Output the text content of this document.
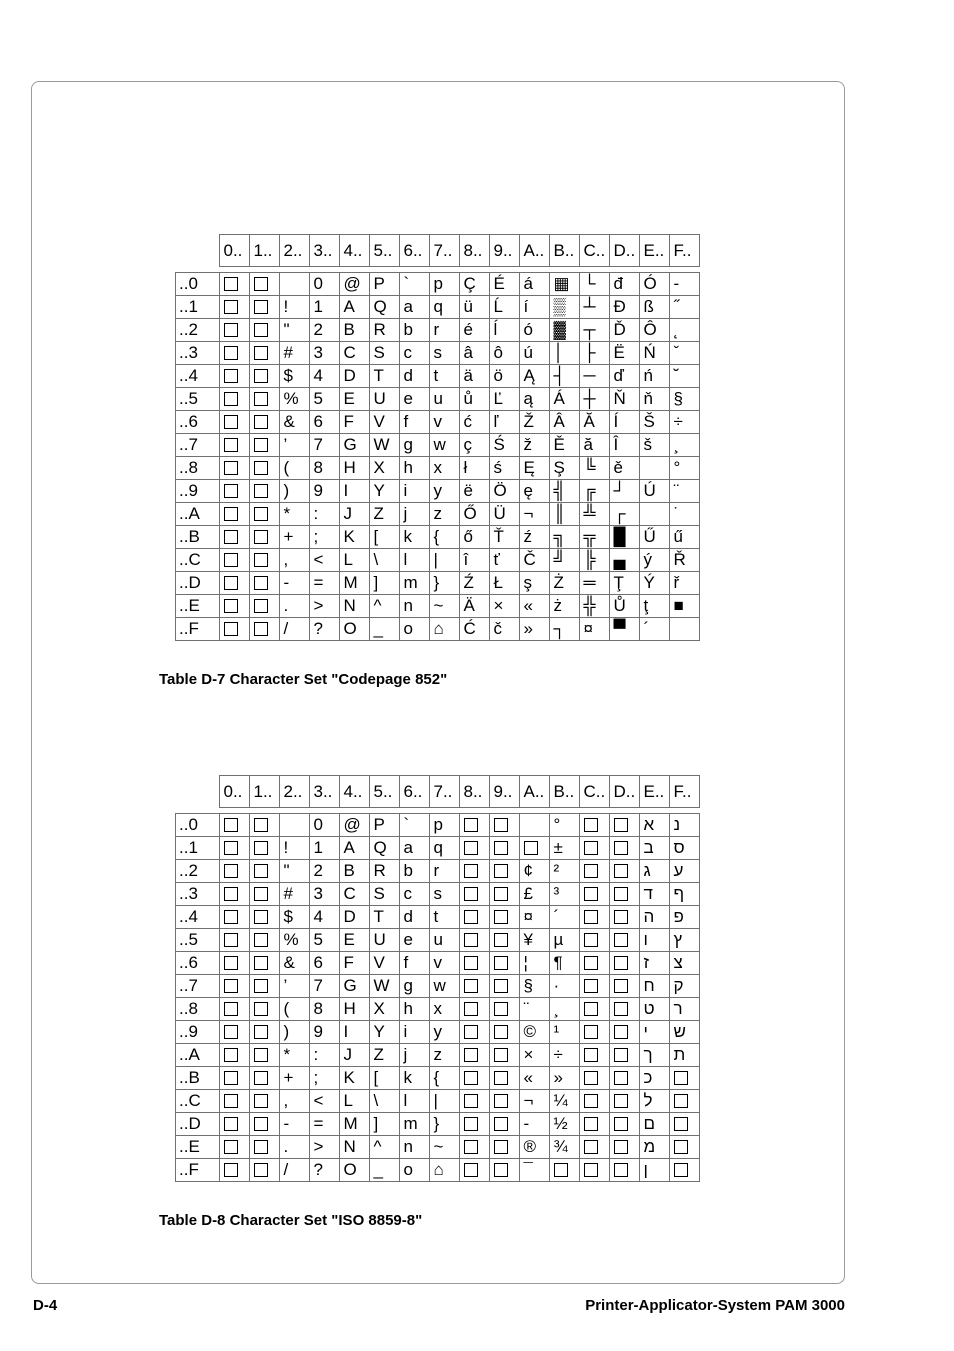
	0..	1..	2..	3..	4..	5..	6..	7..	8..	9..	A..	B..	C..	D..	E..	F..

..0				0	@	P	`	p	Ç	É	á	▦	└	đ	Ó	-
..1			!	1	A	Q	a	q	ü	Ĺ	í	▒	┴	Đ	ß	˝
..2			"	2	B	R	b	r	é	ĺ	ó	▓	┬	Ď	Ô	˛
..3			#	3	C	S	c	s	â	ô	ú	│	├	Ë	Ń	ˇ
..4			$	4	D	T	d	t	ä	ö	Ą	┤	─	ď	ń	˘
..5			%	5	E	U	e	u	ů	Ľ	ą	Á	┼	Ň	ň	§
..6			&	6	F	V	f	v	ć	ľ	Ž	Â	Ă	Í	Š	÷
..7			’	7	G	W	g	w	ç	Ś	ž	Ě	ă	Î	š	¸
..8			(	8	H	X	h	x	ł	ś	Ę	Ş	╚	ě		°
..9			)	9	I	Y	i	y	ë	Ö	ę	╣	╔	┘	Ú	¨
..A			*	:	J	Z	j	z	Ő	Ü	¬	║	╩	┌		˙
..B			+	;	K	[	k	{	ő	Ť	ź	╗	╦	█	Ű	ű
..C			,	<	L	\	l	|	î	ť	Č	╝	╠	▄	ý	Ř
..D			-	=	M	]	m	}	Ź	Ł	ş	Ż	═	Ţ	Ý	ř
..E			.	>	N	^	n	~	Ä	×	«	ż	╬	Ů	ţ	■
..F			/	?	O	_	o	⌂	Ć	č	»	┐	¤	▀	´	
Table D-7 Character Set "Codepage 852"
	0..	1..	2..	3..	4..	5..	6..	7..	8..	9..	A..	B..	C..	D..	E..	F..

..0				0	@	P	`	p				°			א	נ
..1			!	1	A	Q	a	q				±			ב	ס
..2			"	2	B	R	b	r			¢	²			ג	ע
..3			#	3	C	S	c	s			£	³			ד	ף
..4			$	4	D	T	d	t			¤	´			ה	פ
..5			%	5	E	U	e	u			¥	µ			ו	ץ
..6			&	6	F	V	f	v			¦	¶			ז	צ
..7			’	7	G	W	g	w			§	·			ח	ק
..8			(	8	H	X	h	x			¨	¸			ט	ר
..9			)	9	I	Y	i	y			©	¹			י	ש
..A			*	:	J	Z	j	z			×	÷			ך	ת
..B			+	;	K	[	k	{			«	»			כ	
..C			,	<	L	\	l	|			¬	¼			ל	
..D			-	=	M	]	m	}			-	½			ם	
..E			.	>	N	^	n	~			®	¾			מ	
..F			/	?	O	_	o	⌂			¯				ן	
Table D-8 Character Set "ISO 8859-8"
D-4	Printer-Applicator-System PAM 3000
